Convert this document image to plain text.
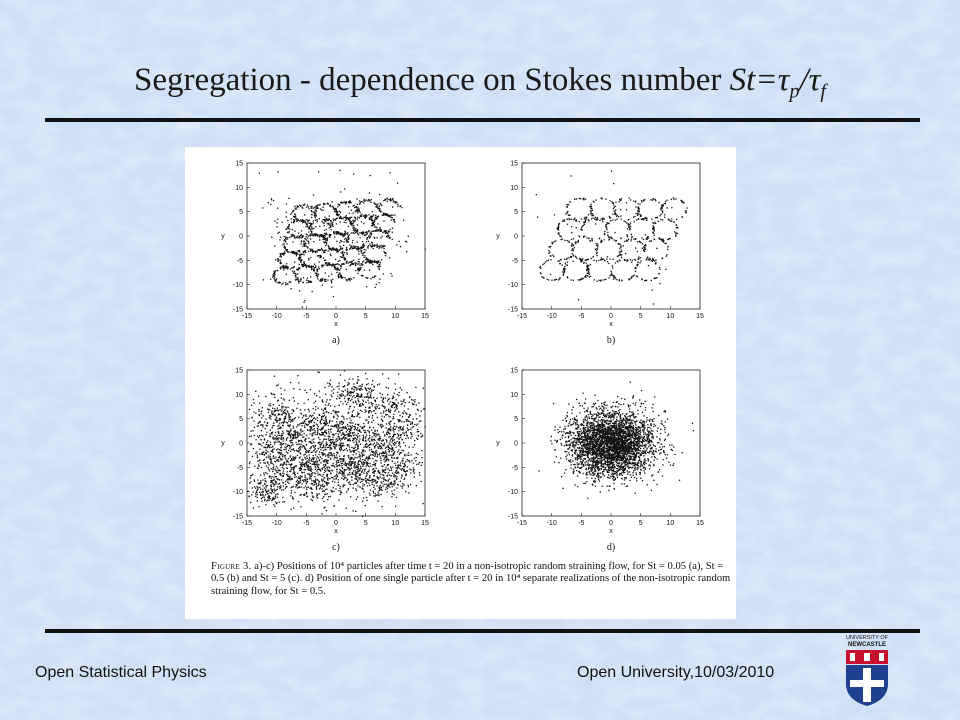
Segregation - dependence on Stokes number $St=\tau_p/\tau_f$
-15
-15
-10
-10
-5
-5
0
0
5
5
10
10
15
15
x
y
a)
-15
-15
-10
-10
-5
-5
0
0
5
5
10
10
15
15
x
y
b)
-15
-15
-10
-10
-5
-5
0
0
5
5
10
10
15
15
x
y
c)
-15
-15
-10
-10
-5
-5
0
0
5
5
10
10
15
15
x
y
d)
Figure 3. a)-c) Positions of 10⁴ particles after time t = 20 in a non-isotropic random straining flow, for St = 0.05 (a), St = 0.5 (b) and St = 5 (c). d) Position of one single particle after t = 20 in 10⁴ separate realizations of the non-isotropic random straining flow, for St = 0.5.
Open Statistical Physics	Open University,10/03/2010
UNIVERSITY OF
NEWCASTLE
